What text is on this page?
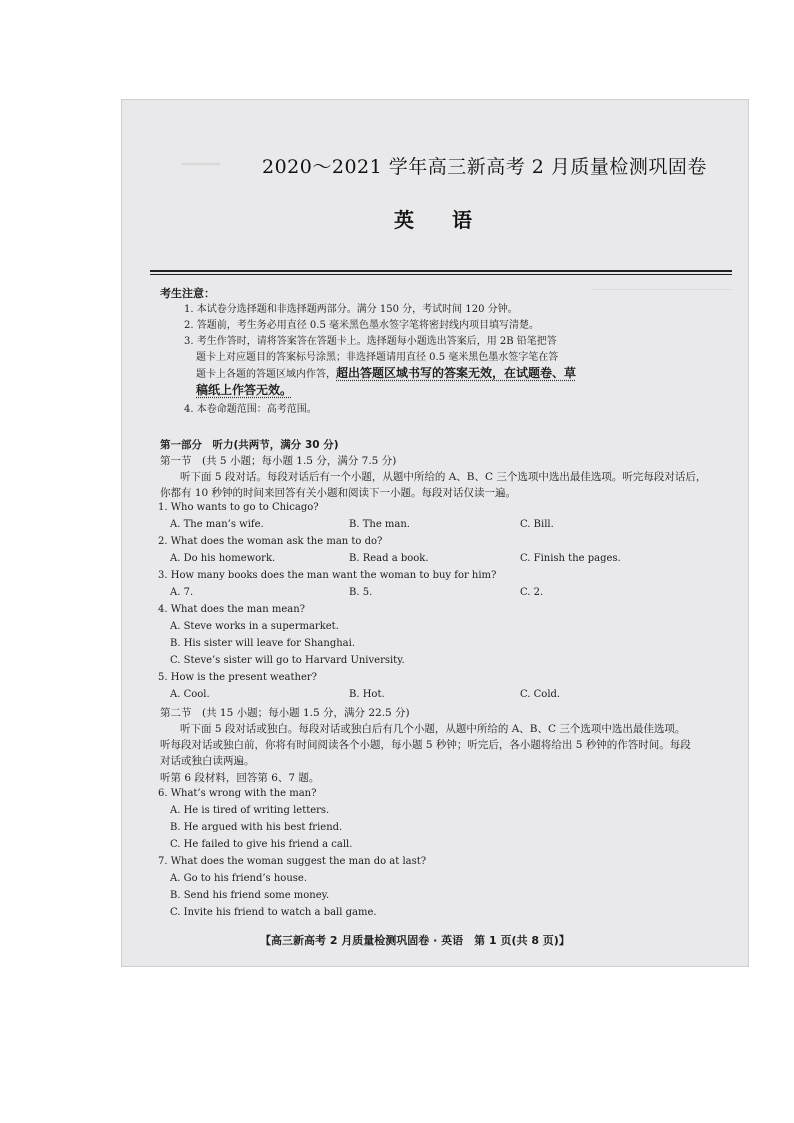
═══════ 2020～2021 学年高三新高考 2 月质量检测巩固卷
英语
考生注意：
1. 本试卷分选择题和非选择题两部分。满分 150 分，考试时间 120 分钟。
2. 答题前，考生务必用直径 0.5 毫米黑色墨水签字笔将密封线内项目填写清楚。
3. 考生作答时，请将答案答在答题卡上。选择题每小题选出答案后，用 2B 铅笔把答
题卡上对应题目的答案标号涂黑；非选择题请用直径 0.5 毫米黑色墨水签字笔在答
题卡上各题的答题区域内作答，超出答题区域书写的答案无效，在试题卷、草
稿纸上作答无效。
4. 本卷命题范围：高考范围。
第一部分　听力(共两节，满分 30 分)
第一节　(共 5 小题；每小题 1.5 分，满分 7.5 分)
听下面 5 段对话。每段对话后有一个小题，从题中所给的 A、B、C 三个选项中选出最佳选项。听完每段对话后，
你都有 10 秒钟的时间来回答有关小题和阅读下一小题。每段对话仅读一遍。
1. Who wants to go to Chicago?
A. The man’s wife.	B. The man.	C. Bill.
2. What does the woman ask the man to do?
A. Do his homework.	B. Read a book.	C. Finish the pages.
3. How many books does the man want the woman to buy for him?
A. 7.	B. 5.	C. 2.
4. What does the man mean?
A. Steve works in a supermarket.
B. His sister will leave for Shanghai.
C. Steve’s sister will go to Harvard University.
5. How is the present weather?
A. Cool.	B. Hot.	C. Cold.
第二节　(共 15 小题；每小题 1.5 分，满分 22.5 分)
听下面 5 段对话或独白。每段对话或独白后有几个小题，从题中所给的 A、B、C 三个选项中选出最佳选项。
听每段对话或独白前，你将有时间阅读各个小题，每小题 5 秒钟；听完后，各小题将给出 5 秒钟的作答时间。每段
对话或独白读两遍。
听第 6 段材料，回答第 6、7 题。
6. What’s wrong with the man?
A. He is tired of writing letters.
B. He argued with his best friend.
C. He failed to give his friend a call.
7. What does the woman suggest the man do at last?
A. Go to his friend’s house.
B. Send his friend some money.
C. Invite his friend to watch a ball game.
【高三新高考 2 月质量检测巩固卷 · 英语　第 1 页(共 8 页)】
